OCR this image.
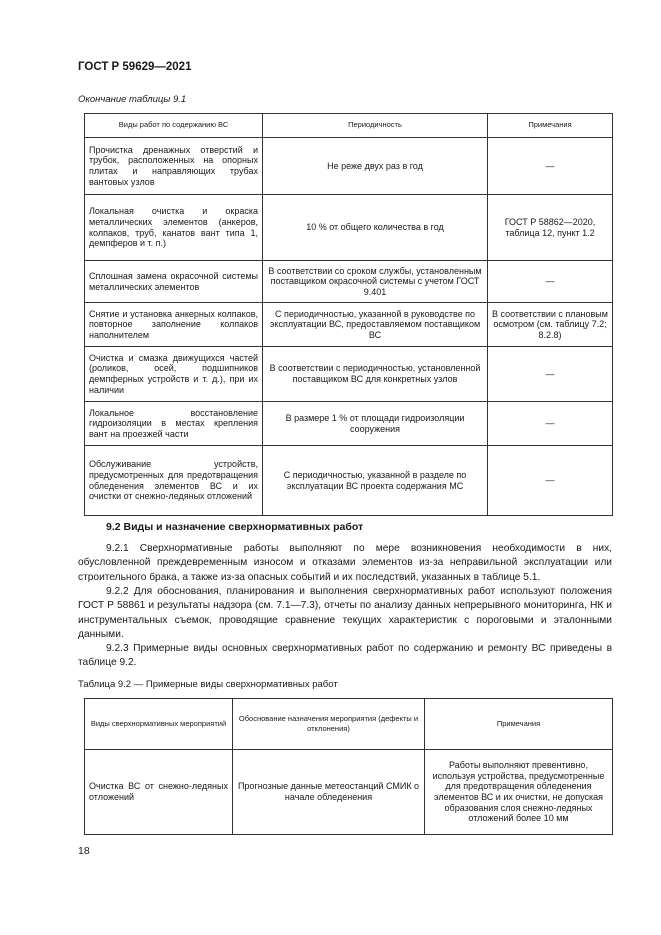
ГОСТ Р 59629—2021
Окончание таблицы 9.1
Виды работ по содержанию ВС	Периодичность	Примечания
Прочистка дренажных отверстий и трубок, расположенных на опорных плитах и направляющих трубах вантовых узлов	Не реже двух раз в год	—
Локальная очистка и окраска металлических элементов (анкеров, колпаков, труб, канатов вант типа 1, демпферов и т. п.)	10 % от общего количества в год	ГОСТ Р 58862—2020, таблица 12, пункт 1.2
Сплошная замена окрасочной системы металлических элементов	В соответствии со сроком службы, установленным поставщиком окрасочной системы с учетом ГОСТ 9.401	—
Снятие и установка анкерных колпаков, повторное заполнение колпаков наполнителем	С периодичностью, указанной в руководстве по эксплуатации ВС, предоставляемом поставщиком ВС	В соответствии с плановым осмотром (см. таблицу 7.2; 8.2.8)
Очистка и смазка движущихся частей (роликов, осей, подшипников демпферных устройств и т. д.), при их наличии	В соответствии с периодичностью, установленной поставщиком ВС для конкретных узлов	—
Локальное восстановление гидроизоляции в местах крепления вант на проезжей части	В размере 1 % от площади гидроизоляции сооружения	—
Обслуживание устройств, предусмотренных для предотвращения обледенения элементов ВС и их очистки от снежно-ледяных отложений	С периодичностью, указанной в разделе по эксплуатации ВС проекта содержания МС	—
9.2 Виды и назначение сверхнормативных работ
9.2.1 Сверхнормативные работы выполняют по мере возникновения необходимости в них, обусловленной преждевременным износом и отказами элементов из-за неправильной эксплуатации или строительного брака, а также из-за опасных событий и их последствий, указанных в таблице 5.1.
9.2.2 Для обоснования, планирования и выполнения сверхнормативных работ используют положения ГОСТ Р 58861 и результаты надзора (см. 7.1—7.3), отчеты по анализу данных непрерывного мониторинга, НК и инструментальных съемок, проводящие сравнение текущих характеристик с пороговыми и эталонными данными.
9.2.3 Примерные виды основных сверхнормативных работ по содержанию и ремонту ВС приведены в таблице 9.2.
Таблица 9.2 — Примерные виды сверхнормативных работ
Виды сверхнормативных мероприятий	Обоснование назначения мероприятия (дефекты и отклонения)	Примечания
Очистка ВС от снежно-ледяных отложений	Прогнозные данные метеостанций СМИК о начале обледенения	Работы выполняют превентивно, используя устройства, предусмотренные для предотвращения обледенения элементов ВС и их очистки, не допуская образования слоя снежно-ледяных отложений более 10 мм
18
